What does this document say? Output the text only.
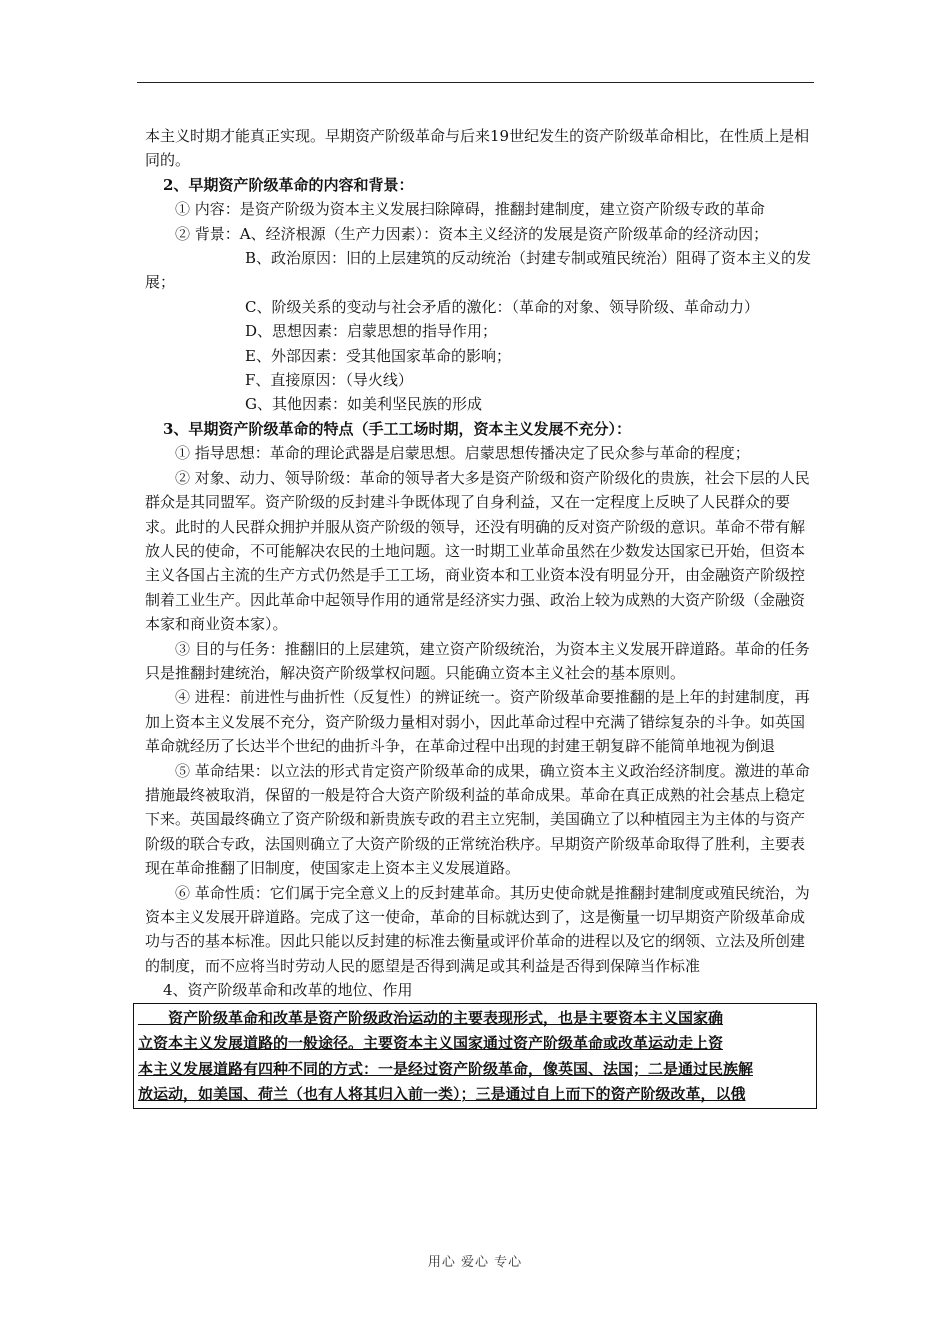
本主义时期才能真正实现。早期资产阶级革命与后来19世纪发生的资产阶级革命相比，在性质上是相同的。

2、早期资产阶级革命的内容和背景：

① 内容：是资产阶级为资本主义发展扫除障碍，推翻封建制度，建立资产阶级专政的革命

② 背景：A、经济根源（生产力因素）：资本主义经济的发展是资产阶级革命的经济动因；

B、政治原因：旧的上层建筑的反动统治（封建专制或殖民统治）阻碍了资本主义的发展；

C、阶级关系的变动与社会矛盾的激化：（革命的对象、领导阶级、革命动力）

D、思想因素：启蒙思想的指导作用；

E、外部因素：受其他国家革命的影响；

F、直接原因：（导火线）

G、其他因素：如美利坚民族的形成

3、早期资产阶级革命的特点（手工工场时期，资本主义发展不充分）：

① 指导思想：革命的理论武器是启蒙思想。启蒙思想传播决定了民众参与革命的程度；

② 对象、动力、领导阶级：革命的领导者大多是资产阶级和资产阶级化的贵族，社会下层的人民群众是其同盟军。资产阶级的反封建斗争既体现了自身利益，又在一定程度上反映了人民群众的要求。此时的人民群众拥护并服从资产阶级的领导，还没有明确的反对资产阶级的意识。革命不带有解放人民的使命，不可能解决农民的土地问题。这一时期工业革命虽然在少数发达国家已开始，但资本主义各国占主流的生产方式仍然是手工工场，商业资本和工业资本没有明显分开，由金融资产阶级控制着工业生产。因此革命中起领导作用的通常是经济实力强、政治上较为成熟的大资产阶级（金融资本家和商业资本家）。

③ 目的与任务：推翻旧的上层建筑，建立资产阶级统治，为资本主义发展开辟道路。革命的任务只是推翻封建统治，解决资产阶级掌权问题。只能确立资本主义社会的基本原则。

④ 进程：前进性与曲折性（反复性）的辨证统一。资产阶级革命要推翻的是上年的封建制度，再加上资本主义发展不充分，资产阶级力量相对弱小，因此革命过程中充满了错综复杂的斗争。如英国革命就经历了长达半个世纪的曲折斗争，在革命过程中出现的封建王朝复辟不能简单地视为倒退

⑤ 革命结果：以立法的形式肯定资产阶级革命的成果，确立资本主义政治经济制度。激进的革命措施最终被取消，保留的一般是符合大资产阶级利益的革命成果。革命在真正成熟的社会基点上稳定下来。英国最终确立了资产阶级和新贵族专政的君主立宪制，美国确立了以种植园主为主体的与资产阶级的联合专政，法国则确立了大资产阶级的正常统治秩序。早期资产阶级革命取得了胜利，主要表现在革命推翻了旧制度，使国家走上资本主义发展道路。

⑥ 革命性质：它们属于完全意义上的反封建革命。其历史使命就是推翻封建制度或殖民统治，为资本主义发展开辟道路。完成了这一使命，革命的目标就达到了，这是衡量一切早期资产阶级革命成功与否的基本标准。因此只能以反封建的标准去衡量或评价革命的进程以及它的纲领、立法及所创建的制度，而不应将当时劳动人民的愿望是否得到满足或其利益是否得到保障当作标准

4、资产阶级革命和改革的地位、作用

　　资产阶级革命和改革是资产阶级政治运动的主要表现形式，也是主要资本主义国家确
立资本主义发展道路的一般途径。主要资本主义国家通过资产阶级革命或改革运动走上资
本主义发展道路有四种不同的方式：一是经过资产阶级革命，像英国、法国；二是通过民族解
放运动，如美国、荷兰（也有人将其归入前一类）；三是通过自上而下的资产阶级改革，以俄
用心 爱心 专心
